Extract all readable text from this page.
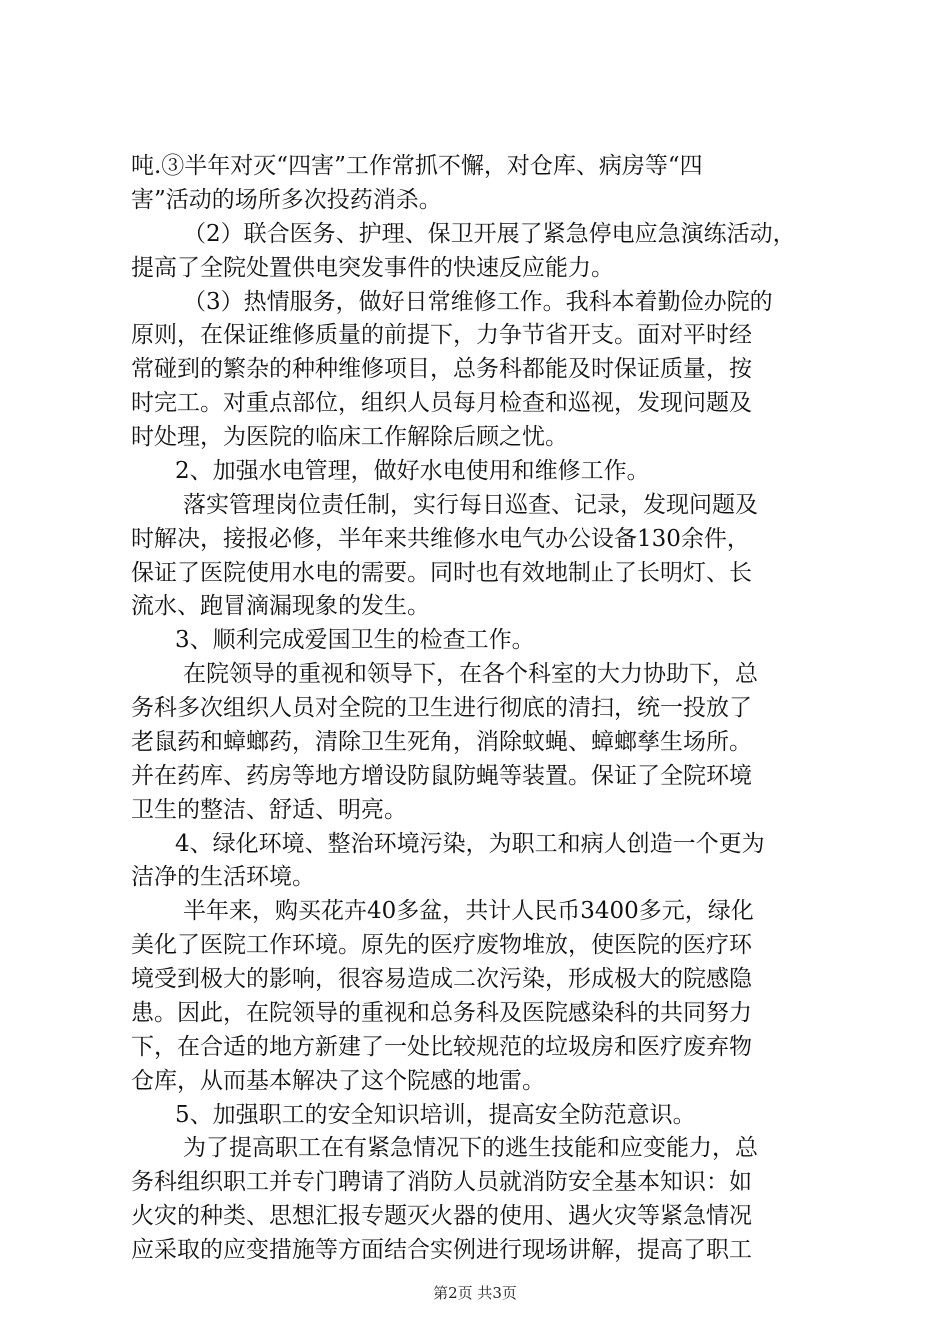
吨.③半年对灭“四害”工作常抓不懈，对仓库、病房等“四
害”活动的场所多次投药消杀。
（2）联合医务、护理、保卫开展了紧急停电应急演练活动，
提高了全院处置供电突发事件的快速反应能力。
（3）热情服务，做好日常维修工作。我科本着勤俭办院的
原则，在保证维修质量的前提下，力争节省开支。面对平时经
常碰到的繁杂的种种维修项目，总务科都能及时保证质量，按
时完工。对重点部位，组织人员每月检查和巡视，发现问题及
时处理，为医院的临床工作解除后顾之忧。
2、加强水电管理，做好水电使用和维修工作。
落实管理岗位责任制，实行每日巡查、记录，发现问题及
时解决，接报必修，半年来共维修水电气办公设备130余件，
保证了医院使用水电的需要。同时也有效地制止了长明灯、长
流水、跑冒滴漏现象的发生。
3、顺利完成爱国卫生的检查工作。
在院领导的重视和领导下，在各个科室的大力协助下，总
务科多次组织人员对全院的卫生进行彻底的清扫，统一投放了
老鼠药和蟑螂药，清除卫生死角，消除蚊蝇、蟑螂孳生场所。
并在药库、药房等地方增设防鼠防蝇等装置。保证了全院环境
卫生的整洁、舒适、明亮。
4、绿化环境、整治环境污染，为职工和病人创造一个更为
洁净的生活环境。
半年来，购买花卉40多盆，共计人民币3400多元，绿化
美化了医院工作环境。原先的医疗废物堆放，使医院的医疗环
境受到极大的影响，很容易造成二次污染，形成极大的院感隐
患。因此，在院领导的重视和总务科及医院感染科的共同努力
下，在合适的地方新建了一处比较规范的垃圾房和医疗废弃物
仓库，从而基本解决了这个院感的地雷。
5、加强职工的安全知识培训，提高安全防范意识。
为了提高职工在有紧急情况下的逃生技能和应变能力，总
务科组织职工并专门聘请了消防人员就消防安全基本知识：如
火灾的种类、思想汇报专题灭火器的使用、遇火灾等紧急情况
应采取的应变措施等方面结合实例进行现场讲解，提高了职工
第2页 共3页
